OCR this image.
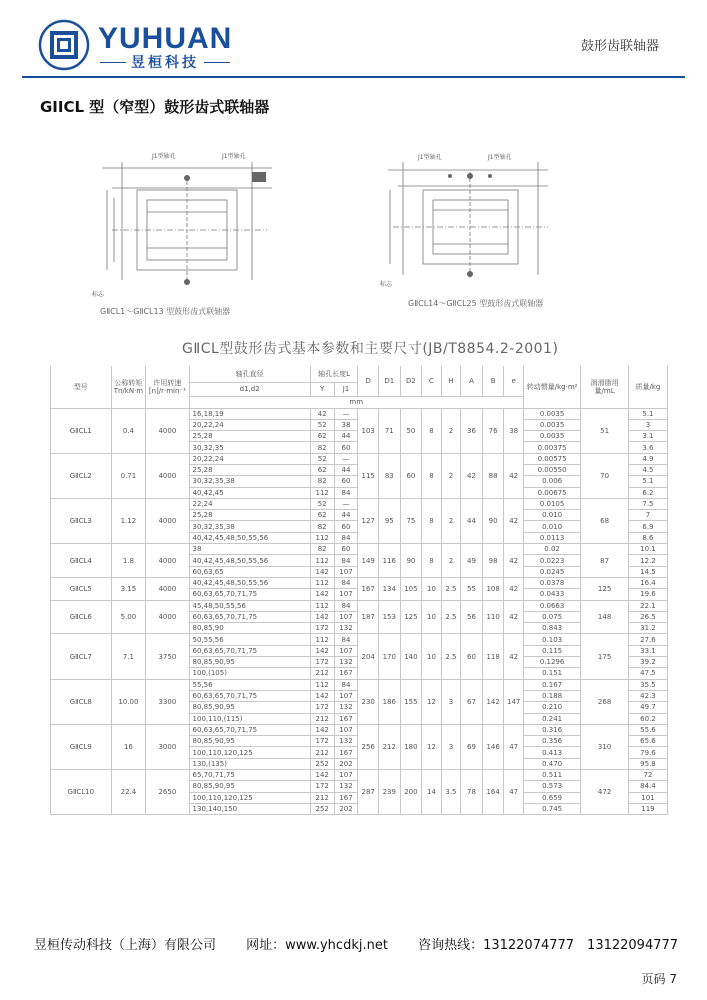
YUHUAN
昱桓科技
鼓形齿联轴器
GIICL 型（窄型）鼓形齿式联轴器
J1型轴孔	J1型轴孔
标志
GⅡCL1～GⅡCL13 型鼓形齿式联轴器
J1型轴孔	J1型轴孔
标志
GⅡCL14～GⅡCL25 型鼓形齿式联轴器
GⅡCL型鼓形齿式基本参数和主要尺寸(JB/T8854.2-2001)
型号	公称转矩Tn/kN·m	许用转速[n]/r·min⁻¹	轴孔直径	轴孔长度L		D	D1	D2	C	H	A	B	e	转动惯量/kg·m²	润滑脂用量/mL	质量/kg
			d1,d2	Y	J1											
			mm													
GⅡCL1	0.4	4000	16,18,19	42	—	103	71	50	8	2	36	76	38	0.0035	51	5.1
			20,22,24	52	38									0.0035		3
			25,28	62	44									0.0035		3.1
			30,32,35	82	60									0.00375		3.6
GⅡCL2	0.71	4000	20,22,24	52	—	115	83	60	8	2	42	88	42	0.00575	70	4.9
			25,28	62	44									0.00550		4.5
			30,32,35,38	82	60									0.006		5.1
			40,42,45	112	84									0.00675		6.2
GⅡCL3	1.12	4000	22,24	52	—	127	95	75	8	2	44	90	42	0.0105	68	7.5
			25,28	62	44									0.010		7
			30,32,35,38	82	60									0.010		6.9
			40,42,45,48,50,55,56	112	84									0.0113		8.6
GⅡCL4	1.8	4000	38	82	60	149	116	90	8	2	49	98	42	0.02	87	10.1
			40,42,45,48,50,55,56	112	84									0.0223		12.2
			60,63,65	142	107									0.0245		14.5
GⅡCL5	3.15	4000	40,42,45,48,50,55,56	112	84	167	134	105	10	2.5	55	108	42	0.0378	125	16.4
			60,63,65,70,71,75	142	107									0.0433		19.6
GⅡCL6	5.00	4000	45,48,50,55,56	112	84	187	153	125	10	2.5	56	110	42	0.0663	148	22.1
			60,63,65,70,71,75	142	107									0.075		26.5
			80,85,90	172	132									0.843		31.2
GⅡCL7	7.1	3750	50,55,56	112	84	204	170	140	10	2.5	60	118	42	0.103	175	27.6
			60,63,65,70,71,75	142	107									0.115		33.1
			80,85,90,95	172	132									0.1296		39.2
			100,(105)	212	167									0.151		47.5
GⅡCL8	10.00	3300	55,56	112	84	230	186	155	12	3	67	142	147	0.167	268	35.5
			60,63,65,70,71,75	142	107									0.188		42.3
			80,85,90,95	172	132									0.210		49.7
			100,110,(115)	212	167									0.241		60.2
GⅡCL9	16	3000	60,63,65,70,71,75	142	107	256	212	180	12	3	69	146	47	0.316	310	55.6
			80,85,90,95	172	132									0.356		65.6
			100,110,120,125	212	167									0.413		79.6
			130,(135)	252	202									0.470		95.8
GⅡCL10	22.4	2650	65,70,71,75	142	107	287	239	200	14	3.5	78	164	47	0.511	472	72
			80,85,90,95	172	132									0.573		84.4
			100,110,120,125	212	167									0.659		101
			130,140,150	252	202									0.745		119
昱桓传动科技（上海）有限公司 网址：www.yhcdkj.net 咨询热线：13122074777　13122094777
页码 7
